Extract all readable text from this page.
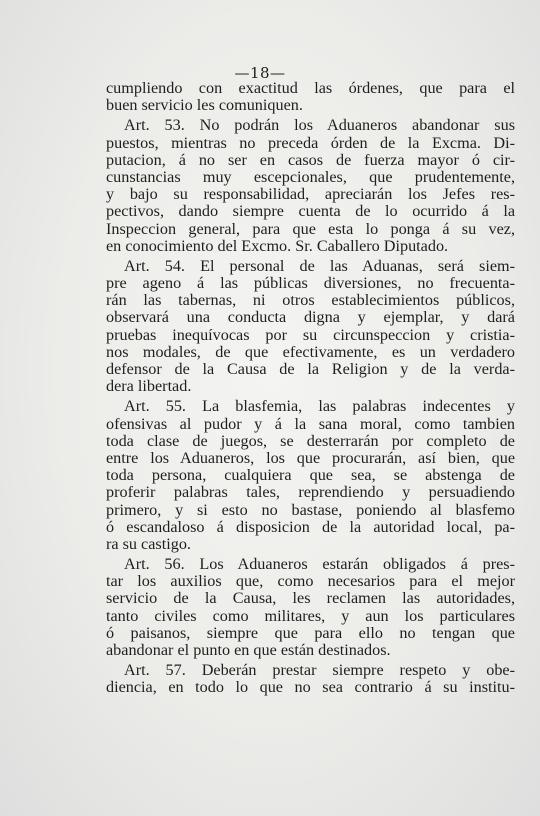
—18—
cumpliendo con exactitud las órdenes, que para el
buen servicio les comuniquen.
Art. 53. No podrán los Aduaneros abandonar sus
puestos, mientras no preceda órden de la Excma. Di-
putacion, á no ser en casos de fuerza mayor ó cir-
cunstancias muy escepcionales, que prudentemente,
y bajo su responsabilidad, apreciarán los Jefes res-
pectivos, dando siempre cuenta de lo ocurrido á la
Inspeccion general, para que esta lo ponga á su vez,
en conocimiento del Excmo. Sr. Caballero Diputado.
Art. 54. El personal de las Aduanas, será siem-
pre ageno á las públicas diversiones, no frecuenta-
rán las tabernas, ni otros establecimientos públicos,
observará una conducta digna y ejemplar, y dará
pruebas inequívocas por su circunspeccion y cristia-
nos modales, de que efectivamente, es un verdadero
defensor de la Causa de la Religion y de la verda-
dera libertad.
Art. 55. La blasfemia, las palabras indecentes y
ofensivas al pudor y á la sana moral, como tambien
toda clase de juegos, se desterrarán por completo de
entre los Aduaneros, los que procurarán, así bien, que
toda persona, cualquiera que sea, se abstenga de
proferir palabras tales, reprendiendo y persuadiendo
primero, y si esto no bastase, poniendo al blasfemo
ó escandaloso á disposicion de la autoridad local, pa-
ra su castigo.
Art. 56. Los Aduaneros estarán obligados á pres-
tar los auxilios que, como necesarios para el mejor
servicio de la Causa, les reclamen las autoridades,
tanto civiles como militares, y aun los particulares
ó paisanos, siempre que para ello no tengan que
abandonar el punto en que están destinados.
Art. 57. Deberán prestar siempre respeto y obe-
diencia, en todo lo que no sea contrario á su institu-
